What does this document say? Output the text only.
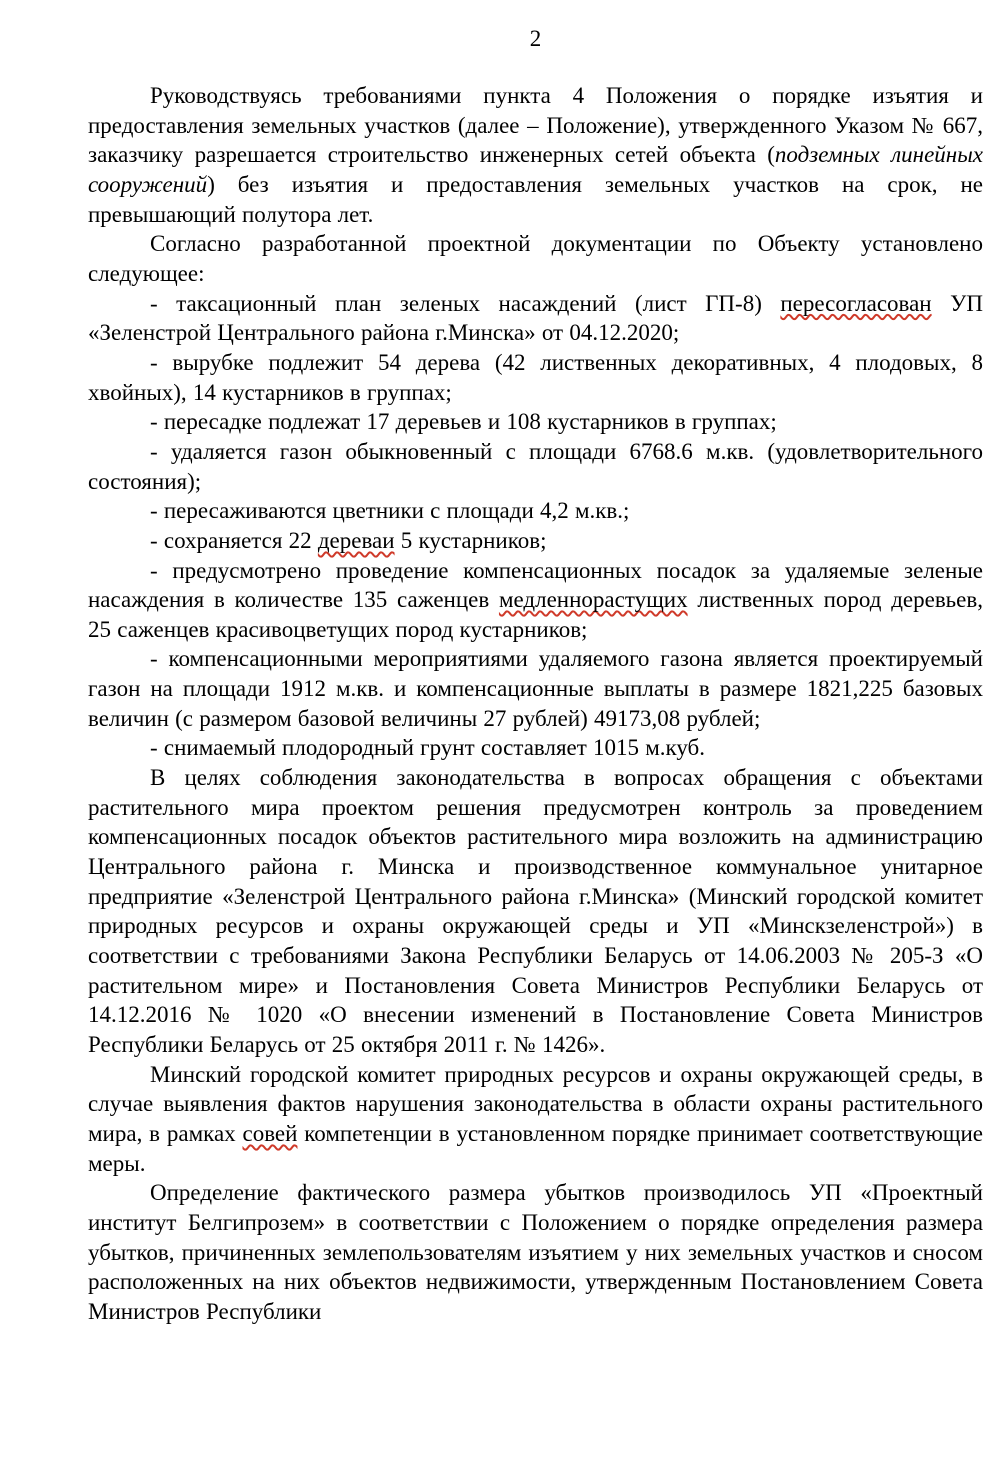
2

Руководствуясь требованиями пункта 4 Положения о порядке изъятия и предоставления земельных участков (далее – Положение), утвержденного Указом № 667, заказчику разрешается строительство инженерных сетей объекта (подземных линейных сооружений) без изъятия и предоставления земельных участков на срок, не превышающий полутора лет.

Согласно разработанной проектной документации по Объекту установлено следующее:

- таксационный план зеленых насаждений (лист ГП-8) пересогласован УП «Зеленстрой Центрального района г.Минска» от 04.12.2020;

- вырубке подлежит 54 дерева (42 лиственных декоративных, 4 плодовых, 8 хвойных), 14 кустарников в группах;

- пересадке подлежат 17 деревьев и 108 кустарников в группах;

- удаляется газон обыкновенный с площади 6768.6 м.кв. (удовлетворительного состояния);

- пересаживаются цветники с площади 4,2 м.кв.;

- сохраняется 22 дереваи 5 кустарников;

- предусмотрено проведение компенсационных посадок за удаляемые зеленые насаждения в количестве 135 саженцев медленнорастущих лиственных пород деревьев, 25 саженцев красивоцветущих пород кустарников;

- компенсационными мероприятиями удаляемого газона является проектируемый газон на площади 1912 м.кв. и компенсационные выплаты в размере 1821,225 базовых величин (с размером базовой величины 27 рублей) 49173,08 рублей;

- снимаемый плодородный грунт составляет 1015 м.куб.

В целях соблюдения законодательства в вопросах обращения с объектами растительного мира проектом решения предусмотрен контроль за проведением компенсационных посадок объектов растительного мира возложить на администрацию Центрального района г. Минска и производственное коммунальное унитарное предприятие «Зеленстрой Центрального района г.Минска» (Минский городской комитет природных ресурсов и охраны окружающей среды и УП «Минскзеленстрой») в соответствии с требованиями Закона Республики Беларусь от 14.06.2003 № 205-З «О растительном мире» и Постановления Совета Министров Республики Беларусь от 14.12.2016 № 1020 «О внесении изменений в Постановление Совета Министров Республики Беларусь от 25 октября 2011 г. № 1426».

Минский городской комитет природных ресурсов и охраны окружающей среды, в случае выявления фактов нарушения законодательства в области охраны растительного мира, в рамках совей компетенции в установленном порядке принимает соответствующие меры.

Определение фактического размера убытков производилось УП «Проектный институт Белгипрозем» в соответствии с Положением о порядке определения размера убытков, причиненных землепользователям изъятием у них земельных участков и сносом расположенных на них объектов недвижимости, утвержденным Постановлением Совета Министров Республики
